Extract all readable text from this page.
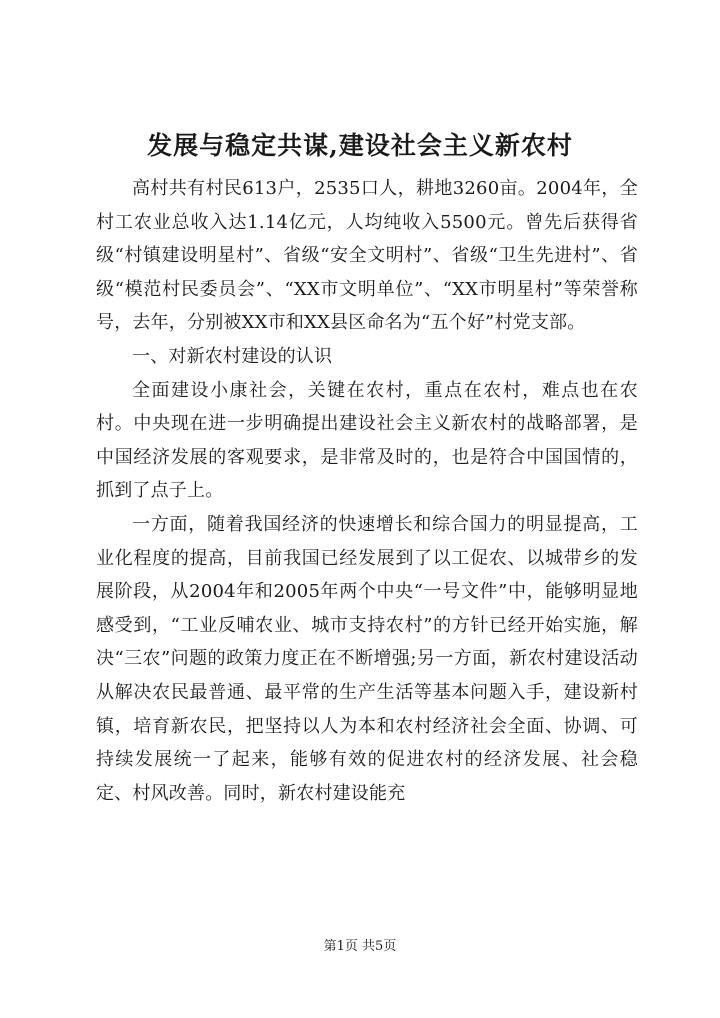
发展与稳定共谋,建设社会主义新农村

高村共有村民613户，2535口人，耕地3260亩。2004年，全村工农业总收入达1.14亿元，人均纯收入5500元。曾先后获得省级“村镇建设明星村”、省级“安全文明村”、省级“卫生先进村”、省级“模范村民委员会”、“XX市文明单位”、“XX市明星村”等荣誉称号，去年，分别被XX市和XX县区命名为“五个好”村党支部。

一、对新农村建设的认识

全面建设小康社会，关键在农村，重点在农村，难点也在农村。中央现在进一步明确提出建设社会主义新农村的战略部署，是中国经济发展的客观要求，是非常及时的，也是符合中国国情的，抓到了点子上。

一方面，随着我国经济的快速增长和综合国力的明显提高，工业化程度的提高，目前我国已经发展到了以工促农、以城带乡的发展阶段，从2004年和2005年两个中央“一号文件”中，能够明显地感受到，“工业反哺农业、城市支持农村”的方针已经开始实施，解决“三农”问题的政策力度正在不断增强;另一方面，新农村建设活动从解决农民最普通、最平常的生产生活等基本问题入手，建设新村镇，培育新农民，把坚持以人为本和农村经济社会全面、协调、可持续发展统一了起来，能够有效的促进农村的经济发展、社会稳定、村风改善。同时，新农村建设能充

第1页 共5页
